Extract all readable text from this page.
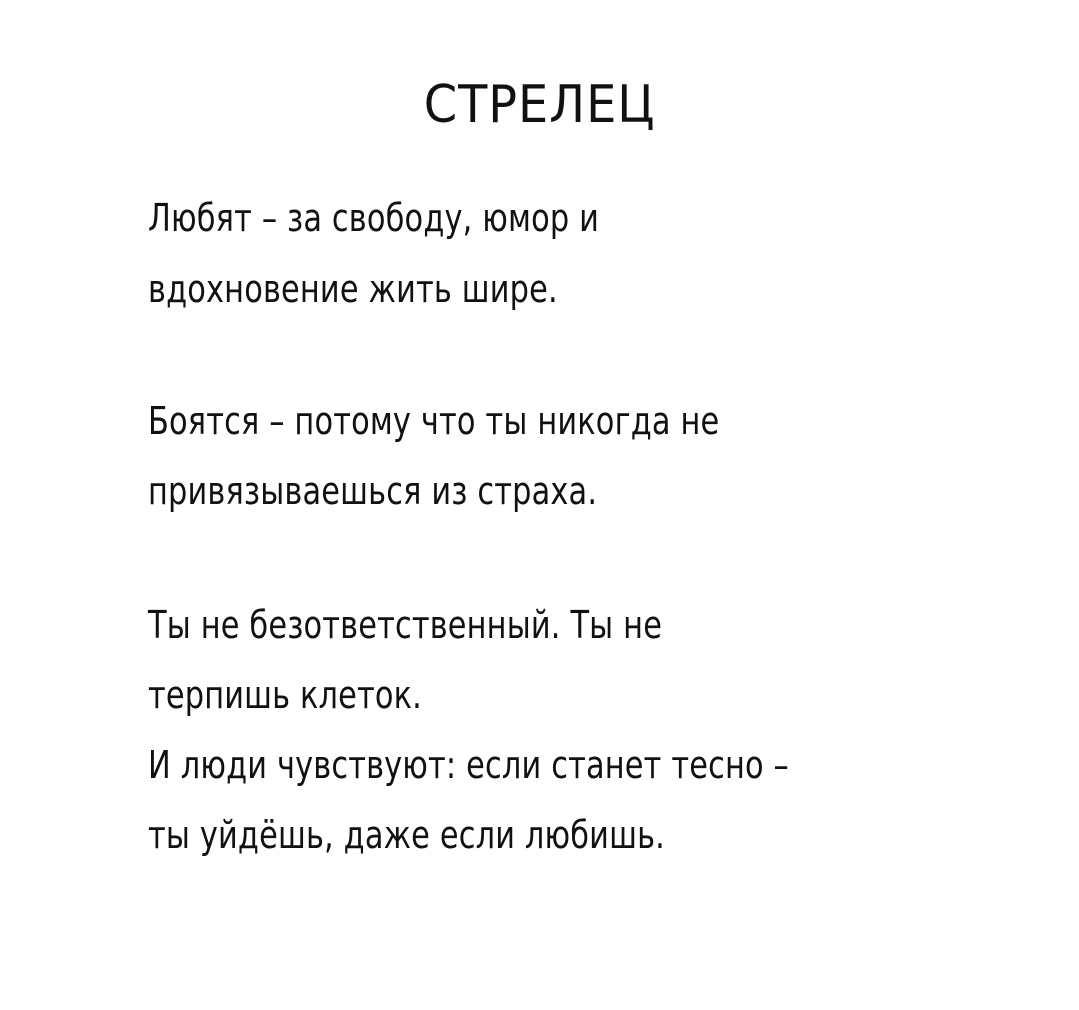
СТРЕЛЕЦ
Любят – за свободу, юмор и
вдохновение жить шире.
Боятся – потому что ты никогда не
привязываешься из страха.
Ты не безответственный. Ты не
терпишь клеток.
И люди чувствуют: если станет тесно –
ты уйдёшь, даже если любишь.
